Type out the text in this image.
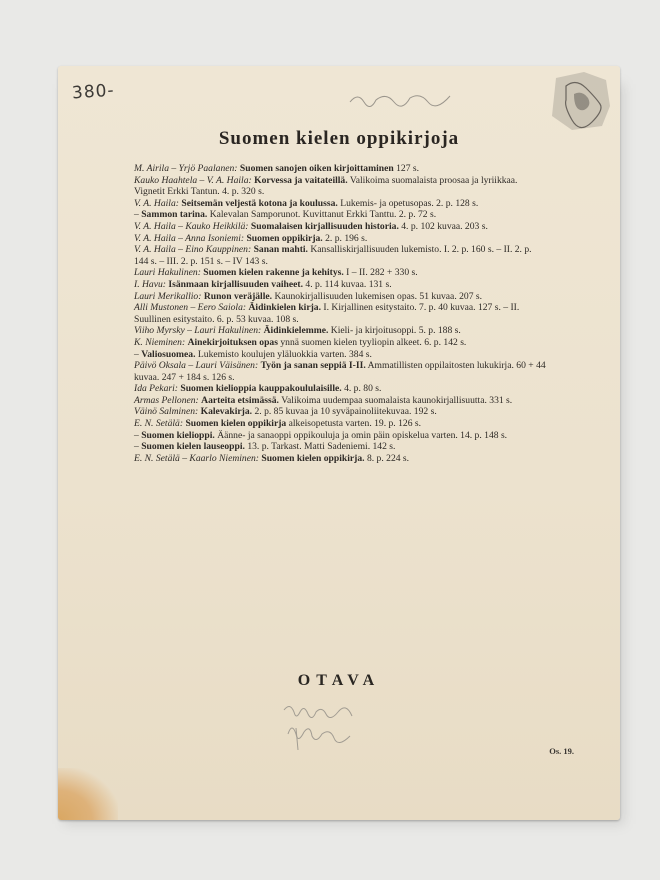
380-
Suomen kielen oppikirjoja

M. Airila – Yrjö Paalanen: Suomen sanojen oiken kirjoittaminen 127 s.

Kauko Haahtela – V. A. Haila: Korvessa ja vaitateillä. Valikoima suomalaista proosaa ja lyriikkaa. Vignetit Erkki Tantun. 4. p. 320 s.

V. A. Haila: Seitsemän veljestä kotona ja koulussa. Lukemis- ja opetusopas. 2. p. 128 s.

– Sammon tarina. Kalevalan Samporunot. Kuvittanut Erkki Tanttu. 2. p. 72 s.

V. A. Haila – Kauko Heikkilä: Suomalaisen kirjallisuuden historia. 4. p. 102 kuvaa. 203 s.

V. A. Haila – Anna Isoniemi: Suomen oppikirja. 2. p. 196 s.

V. A. Haila – Eino Kauppinen: Sanan mahti. Kansalliskirjallisuuden lukemisto. I. 2. p. 160 s. – II. 2. p. 144 s. – III. 2. p. 151 s. – IV 143 s.

Lauri Hakulinen: Suomen kielen rakenne ja kehitys. I – II. 282 + 330 s.

I. Havu: Isänmaan kirjallisuuden vaiheet. 4. p. 114 kuvaa. 131 s.

Lauri Merikallio: Runon veräjälle. Kaunokirjallisuuden lukemisen opas. 51 kuvaa. 207 s.

Alli Mustonen – Eero Saiola: Äidinkielen kirja. I. Kirjallinen esitystaito. 7. p. 40 kuvaa. 127 s. – II. Suullinen esitystaito. 6. p. 53 kuvaa. 108 s.

Viiho Myrsky – Lauri Hakulinen: Äidinkielemme. Kieli- ja kirjoitusoppi. 5. p. 188 s.

K. Nieminen: Ainekirjoituksen opas ynnä suomen kielen tyyliopin alkeet. 6. p. 142 s.

– Valiosuomea. Lukemisto koulujen yläluokkia varten. 384 s.

Päivö Oksala – Lauri Väisänen: Työn ja sanan seppiä I-II. Ammatillisten oppilaitosten lukukirja. 60 + 44 kuvaa. 247 + 184 s. 126 s.

Ida Pekari: Suomen kielioppia kauppakoululaisille. 4. p. 80 s.

Armas Pellonen: Aarteita etsimässä. Valikoima uudempaa suomalaista kaunokirjallisuutta. 331 s.

Väinö Salminen: Kalevakirja. 2. p. 85 kuvaa ja 10 syväpainoliitekuvaa. 192 s.

E. N. Setälä: Suomen kielen oppikirja alkeisopetusta varten. 19. p. 126 s.

– Suomen kielioppi. Äänne- ja sanaoppi oppikouluja ja omin päin opiskelua varten. 14. p. 148 s.

– Suomen kielen lauseoppi. 13. p. Tarkast. Matti Sadeniemi. 142 s.

E. N. Setälä – Kaarlo Nieminen: Suomen kielen oppikirja. 8. p. 224 s.

OTAVA
Os. 19.
